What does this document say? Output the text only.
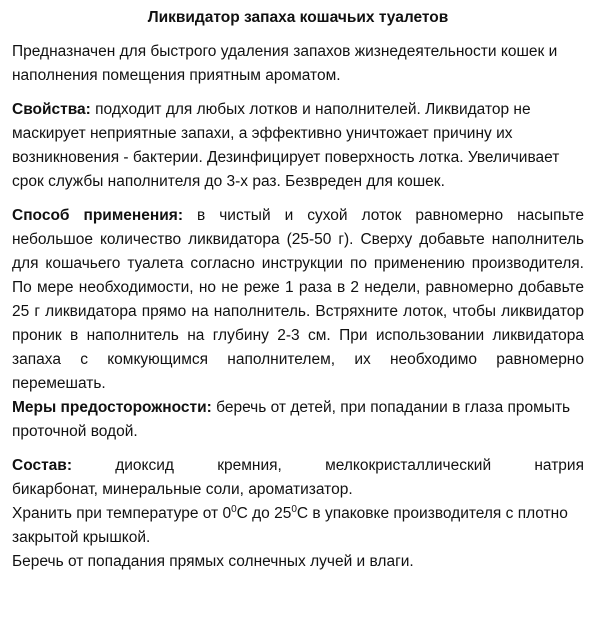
Ликвидатор запаха кошачьих туалетов

Предназначен для быстрого удаления запахов жизнедеятельности кошек и наполнения помещения приятным ароматом.

Свойства: подходит для любых лотков и наполнителей. Ликвидатор не маскирует неприятные запахи, а эффективно уничтожает причину их возникновения - бактерии. Дезинфицирует поверхность лотка. Увеличивает срок службы наполнителя до 3-х раз. Безвреден для кошек.

Способ применения: в чистый и сухой лоток равномерно насыпьте небольшое количество ликвидатора (25-50 г). Сверху добавьте наполнитель для кошачьего туалета согласно инструкции по применению производителя. По мере необходимости, но не реже 1 раза в 2 недели, равномерно добавьте 25 г ликвидатора прямо на наполнитель. Встряхните лоток, чтобы ликвидатор проник в наполнитель на глубину 2-3 см. При использовании ликвидатора запаха с комкующимся наполнителем, их необходимо равномерно перемешать.

Меры предосторожности: беречь от детей, при попадании в глаза промыть проточной водой.

Состав:	диоксид	кремния,	мелкокристаллический	натрия

бикарбонат, минеральные соли, ароматизатор.

Хранить при температуре от $0^0C$ до $25^0C$ в упаковке производителя с плотно закрытой крышкой.

Беречь от попадания прямых солнечных лучей и влаги.
